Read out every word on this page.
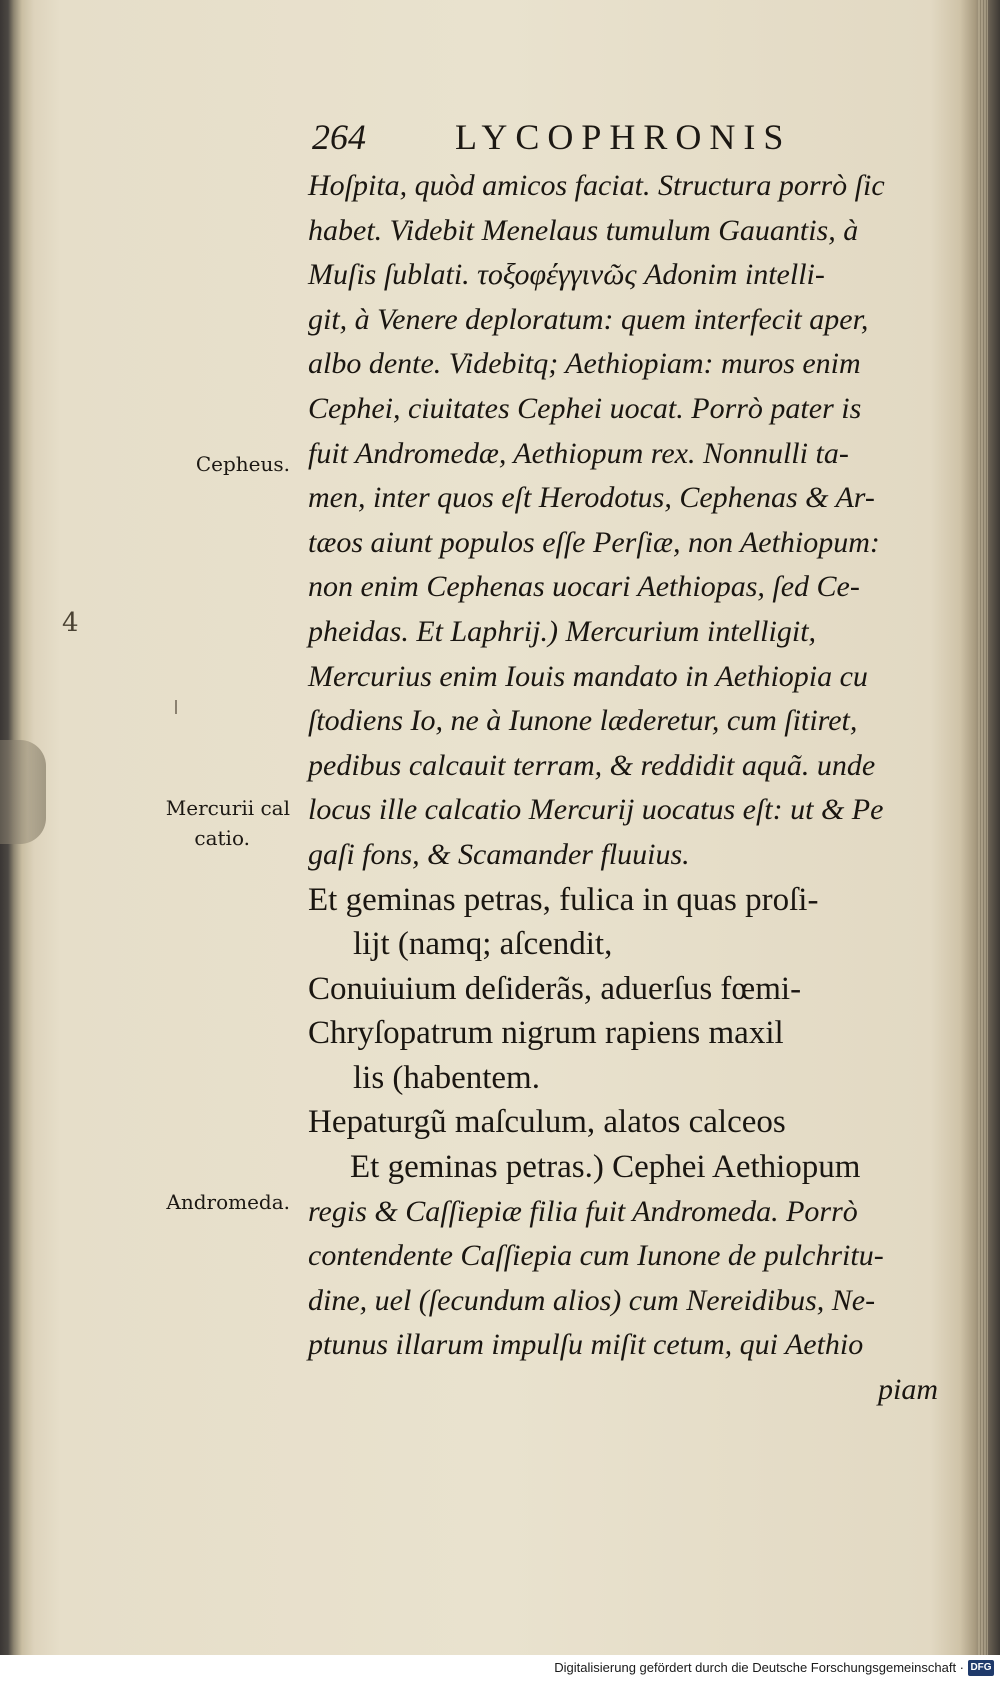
264 LYCOPHRONIS
Cepheus.
Mercurii cal
catio.
Andromeda.
4
Hoſpita, quòd amicos faciat. Structura porrò ſic
habet. Videbit Menelaus tumulum Gauantis, à
Muſis ſublati. τοξοφέγγινῶς Adonim intelli-
git, à Venere deploratum: quem interfecit aper,
albo dente. Videbitq; Aethiopiam: muros enim
Cephei, ciuitates Cephei uocat. Porrò pater is
fuit Andromedæ, Aethiopum rex. Nonnulli ta-
men, inter quos eſt Herodotus, Cephenas & Ar-
tæos aiunt populos eſſe Perſiæ, non Aethiopum:
non enim Cephenas uocari Aethiopas, ſed Ce-
pheidas. Et Laphrij.) Mercurium intelligit,
Mercurius enim Iouis mandato in Aethiopia cu
ſtodiens Io, ne à Iunone læderetur, cum ſitiret,
pedibus calcauit terram, & reddidit aquã. unde
locus ille calcatio Mercurij uocatus eſt: ut & Pe
gaſi fons, & Scamander fluuius.
Et geminas petras, fulica in quas proſi-
lijt (namq; aſcendit,
Conuiuium deſiderãs, aduerſus fœmi-
Chryſopatrum nigrum rapiens maxil
lis (habentem.
Hepaturgũ maſculum, alatos calceos
Et geminas petras.) Cephei Aethiopum
regis & Caſſiepiæ filia fuit Andromeda. Porrò
contendente Caſſiepia cum Iunone de pulchritu-
dine, uel (ſecundum alios) cum Nereidibus, Ne-
ptunus illarum impulſu miſit cetum, qui Aethio
piam
Digitalisierung gefördert durch die Deutsche Forschungsgemeinschaft · DFG
